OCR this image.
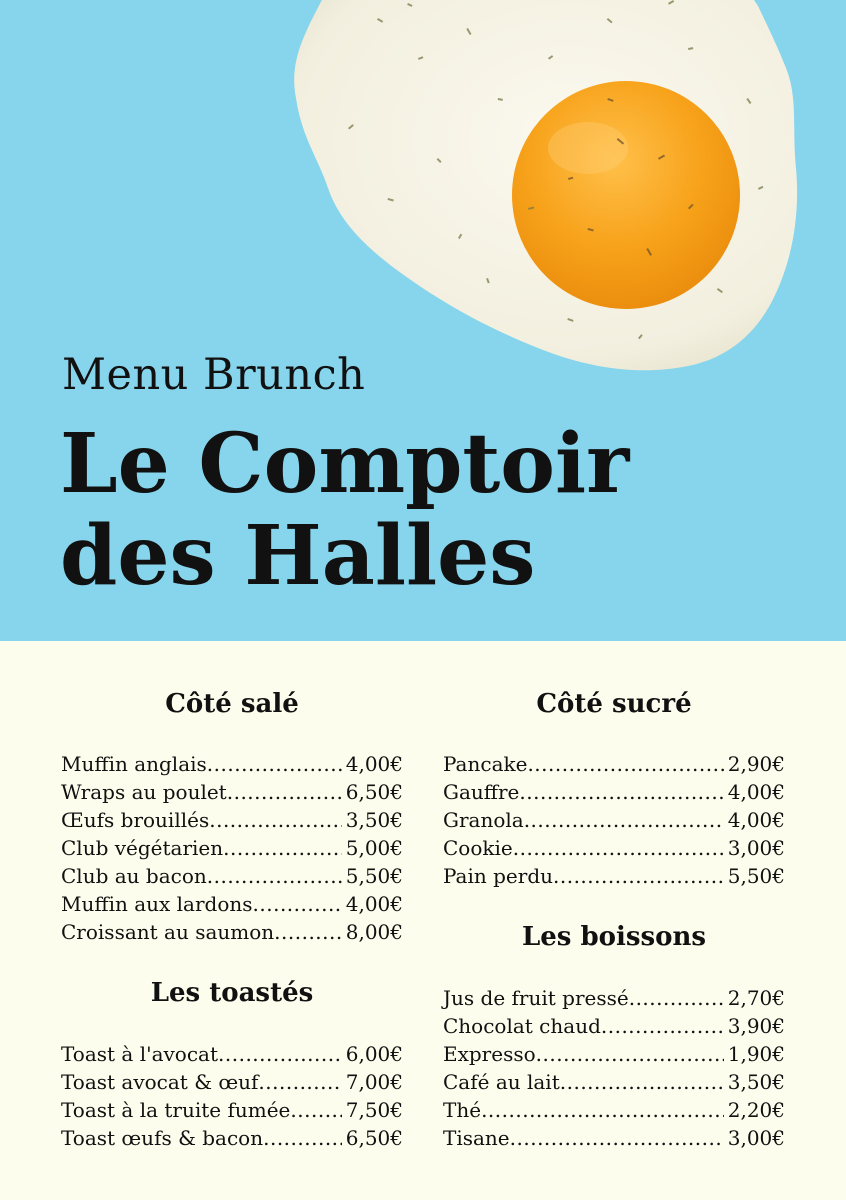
Menu Brunch
Le Comptoir
des Halles
Côté salé
Muffin anglais .....	4,00€
Wraps au poulet .....	6,50€
Œufs brouillés .....	3,50€
Club végétarien .....	5,00€
Club au bacon .....	5,50€
Muffin aux lardons .....	4,00€
Croissant au saumon .....	8,00€
Les toastés
Toast à l'avocat .....	6,00€
Toast avocat & œuf .....	7,00€
Toast à la truite fumée .....	7,50€
Toast œufs & bacon .....	6,50€
Côté sucré
Pancake .....	2,90€
Gauffre .....	4,00€
Granola .....	4,00€
Cookie .....	3,00€
Pain perdu .....	5,50€
Les boissons
Jus de fruit pressé .....	2,70€
Chocolat chaud .....	3,90€
Expresso .....	1,90€
Café au lait .....	3,50€
Thé .....	2,20€
Tisane .....	3,00€
